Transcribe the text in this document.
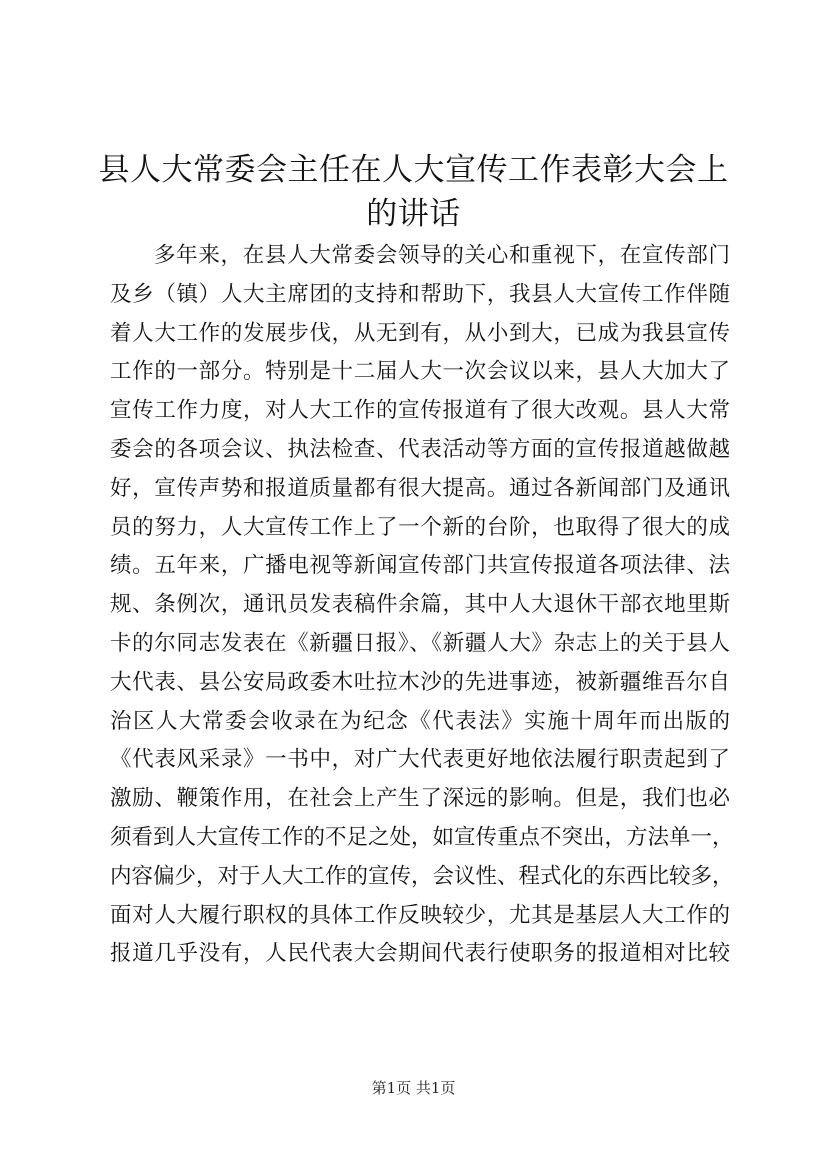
县人大常委会主任在人大宣传工作表彰大会上
的讲话
多年来，在县人大常委会领导的关心和重视下，在宣传部门
及乡（镇）人大主席团的支持和帮助下，我县人大宣传工作伴随
着人大工作的发展步伐，从无到有，从小到大，已成为我县宣传
工作的一部分。特别是十二届人大一次会议以来，县人大加大了
宣传工作力度，对人大工作的宣传报道有了很大改观。县人大常
委会的各项会议、执法检查、代表活动等方面的宣传报道越做越
好，宣传声势和报道质量都有很大提高。通过各新闻部门及通讯
员的努力，人大宣传工作上了一个新的台阶，也取得了很大的成
绩。五年来，广播电视等新闻宣传部门共宣传报道各项法律、法
规、条例次，通讯员发表稿件余篇，其中人大退休干部衣地里斯
卡的尔同志发表在《新疆日报》、《新疆人大》杂志上的关于县人
大代表、县公安局政委木吐拉木沙的先进事迹，被新疆维吾尔自
治区人大常委会收录在为纪念《代表法》实施十周年而出版的
《代表风采录》一书中，对广大代表更好地依法履行职责起到了
激励、鞭策作用，在社会上产生了深远的影响。但是，我们也必
须看到人大宣传工作的不足之处，如宣传重点不突出，方法单一，
内容偏少，对于人大工作的宣传，会议性、程式化的东西比较多，
面对人大履行职权的具体工作反映较少，尤其是基层人大工作的
报道几乎没有，人民代表大会期间代表行使职务的报道相对比较
第1页 共1页
